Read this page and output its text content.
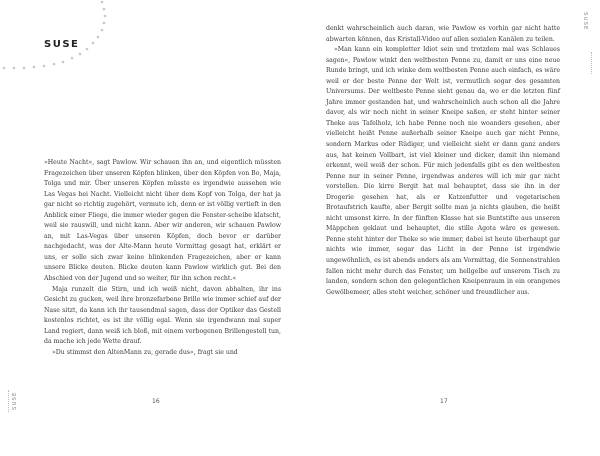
SUSE

»Heute Nacht«, sagt Pawlow. Wir schauen ihn an, und eigentlich müssten Fragezeichen über unseren Köpfen blinken, über den Köpfen von Bo, Maja, Tolga und mir. Über unseren Köpfen müsste es irgendwie aussehen wie Las Vegas bei Nacht. Vielleicht nicht über dem Kopf von Tolga, der hat ja gar nicht so richtig zugehört, vermute ich, denn er ist völlig vertieft in den Anblick einer Fliege, die immer wieder gegen die Fenster-scheibe klatscht, weil sie rauswill, und nicht kann. Aber wir anderen, wir schauen Pawlow an, mit Las-Vegas über unseren Köpfen, doch bevor er darüber nachgedacht, was der Alte-Mann heute Vormittag gesagt hat, erklärt er uns, er solle sich zwar keine blinkenden Fragezeichen, aber er kann unsere Blicke deuten. Blicke deuten kann Pawlow wirklich gut. Bei den Abschied von der Jugend und so weiter, für ihn schon recht.«

Maja runzelt die Stirn, und ich weiß nicht, davon abhalten, ihr ins Gesicht zu gucken, weil ihre bronzefarbene Brille wie immer schief auf der Nase sitzt, da kann ich ihr tausendmal sagen, dass der Optiker das Gestell kostenlos richtet, es ist ihr völlig egal. Wenn sie irgendwann mal super Land regiert, dann weiß ich bloß, mit einem verbogenen Brillengestell tun, da mache ich jede Wette drauf.

»Du stimmst den AltenMann zu, gerade dus«, fragt sie und

SUSE	16

denkt wahrscheinlich auch daran, wie Pawlow es vorhin gar nicht hatte abwarten können, das Kristall-Video auf allen sozialen Kanälen zu teilen.

»Man kann ein kompletter Idiot sein und trotzdem mal was Schlaues sagen«, Pawlow winkt den weltbesten Penne zu, damit er uns eine neue Runde bringt, und ich winke dem weltbesten Penne auch einfach, es wäre weil er der beste Penne der Welt ist, vermutlich sogar des gesamten Universums. Der weltbeste Penne sieht genau da, wo er die letzten fünf Jahre immer gestanden hat, und wahrscheinlich auch schon all die Jahre davor, als wir noch nicht in seiner Kneipe saßen, er steht hinter seiner Theke aus Tafelholz, ich habe Penne noch nie woanders gesehen, aber vielleicht heißt Penne außerhalb seiner Kneipe auch gar nicht Penne, sondern Markus oder Rüdiger, und vielleicht sieht er dann ganz anders aus, hat keinen Vollbart, ist viel kleiner und dicker, damit ihn niemand erkennt, weil weiß der schon. Für mich jedenfalls gibt es den weltbesten Penne nur in seiner Penne, irgendwas anderes will ich mir gar nicht vorstellen. Die kirre Bergit hat mal behauptet, dass sie ihn in der Drogerie gesehen hat, als er Katzenfutter und vegetarischen Brotaufstrich kaufte, aber Bergit sollte man ja nichts glauben, die heißt nicht umsonst kirre. In der fünften Klasse hat sie Buntstifte aus unseren Mäppchen geklaut und behauptet, die stille Agota wäre es gewesen. Penne steht hinter der Theke so wie immer, dabei ist heute überhaupt gar nichts wie immer, sogar das Licht in der Penne ist irgendwie ungewöhnlich, es ist abends anders als am Vormittag, die Sonnenstrahlen fallen nicht mehr durch das Fenster, um hellgelbe auf unserem Tisch zu landen, sondern schon den gelegentlichen Kneipenraum in ein orangenes Gewölbemeer, alles steht weicher, schöner und freundlicher aus.

SUSE
17
